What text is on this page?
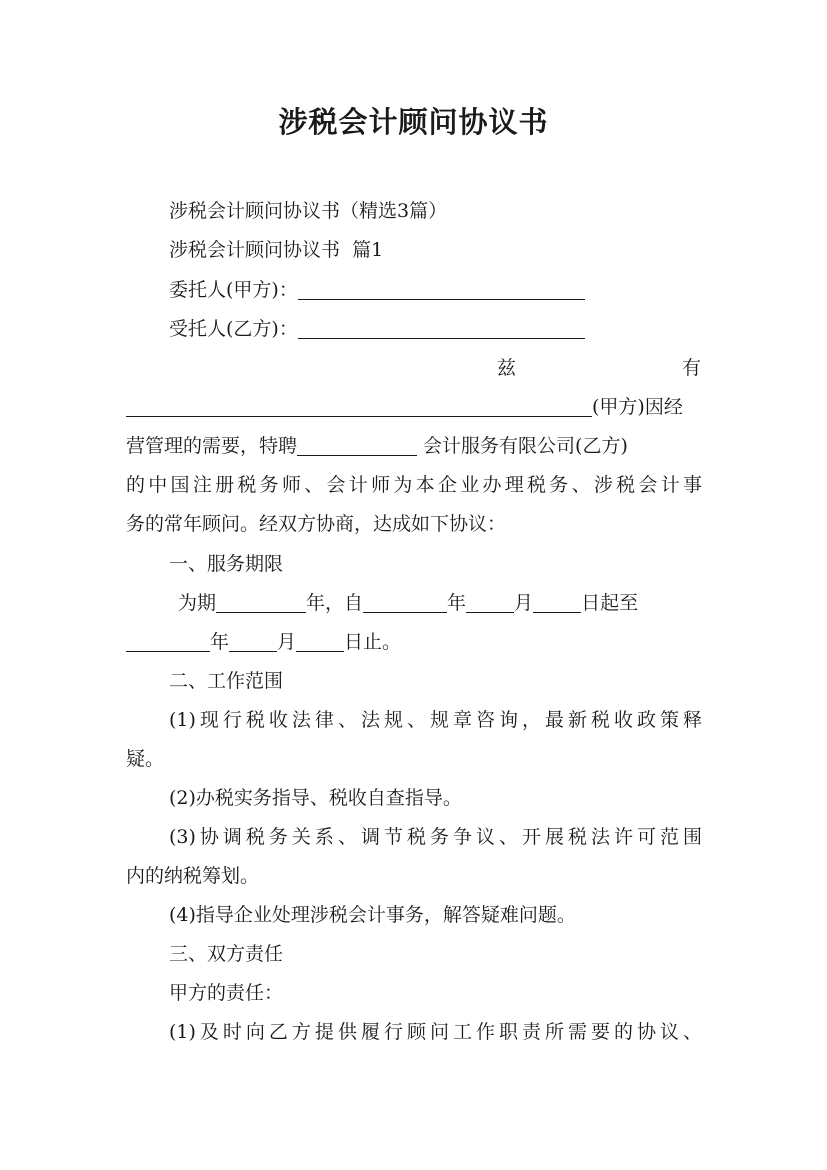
涉税会计顾问协议书

涉税会计顾问协议书（精选3篇）

涉税会计顾问协议书  篇1

委托人(甲方)：

受托人(乙方)：

兹	有

(甲方)因经

营管理的需要，特聘	会计服务有限公司(乙方)

的中国注册税务师、会计师为本企业办理税务、涉税会计事

务的常年顾问。经双方协商，达成如下协议：

一、服务期限

为期	年，自	年	月	日起至

年	月	日止。

二、工作范围

(1)现行税收法律、法规、规章咨询，最新税收政策释

疑。

(2)办税实务指导、税收自查指导。

(3)协调税务关系、调节税务争议、开展税法许可范围

内的纳税筹划。

(4)指导企业处理涉税会计事务，解答疑难问题。

三、双方责任

甲方的责任：

(1)及时向乙方提供履行顾问工作职责所需要的协议、
